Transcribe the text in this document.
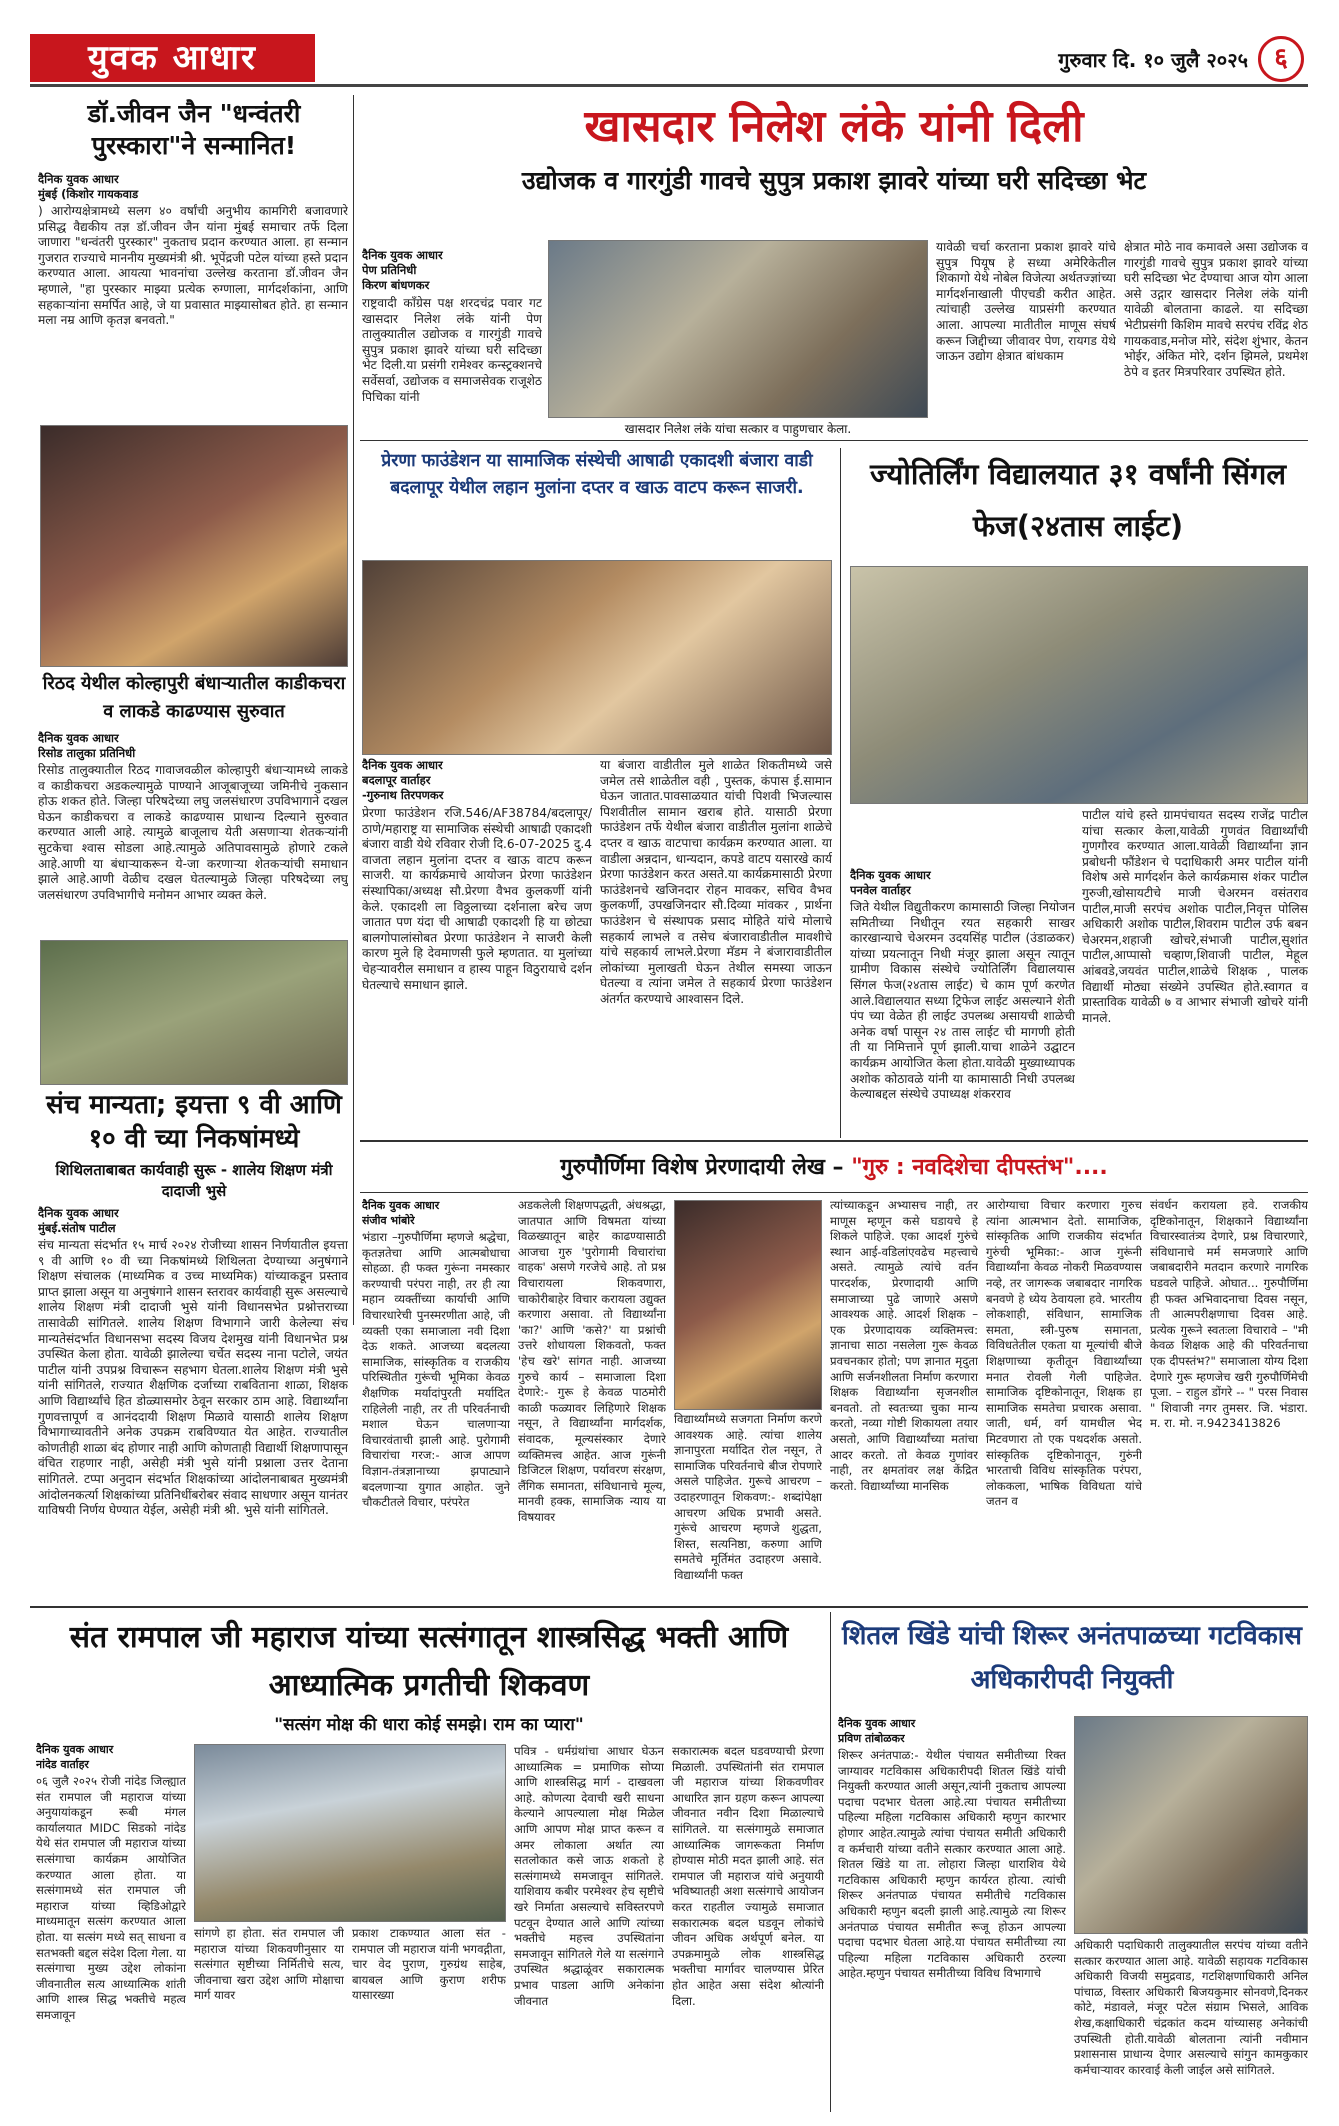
युवक आधार	गुरुवार दि. १० जुलै २०२५	६
डॉ.जीवन जैन "धन्वंतरी पुरस्कारा"ने सन्मानित!
दैनिक युवक आधार
मुंबई (किशोर गायकवाड
) आरोग्यक्षेत्रामध्ये सलग ४० वर्षांची अनुभीय कामगिरी बजावणारे प्रसिद्ध वैद्यकीय तज्ञ डॉ.जीवन जैन यांना मुंबई समाचार तर्फे दिला जाणारा "धन्वंतरी पुरस्कार" नुकताच प्रदान करण्यात आला. हा सन्मान गुजरात राज्याचे माननीय मुख्यमंत्री श्री. भूपेंद्रजी पटेल यांच्या हस्ते प्रदान करण्यात आला. आयत्या भावनांचा उल्लेख करताना डॉ.जीवन जैन म्हणाले, "हा पुरस्कार माझ्या प्रत्येक रुग्णाला, मार्गदर्शकांना, आणि सहकाऱ्यांना समर्पित आहे, जे या प्रवासात माझ्यासोबत होते. हा सन्मान मला नम्र आणि कृतज्ञ बनवतो."
रिठद येथील कोल्हापुरी बंधाऱ्यातील काडीकचरा व लाकडे काढण्यास सुरुवात
दैनिक युवक आधार
रिसोड तालुका प्रतिनिधी
रिसोड तालुक्यातील रिठद गावाजवळील कोल्हापुरी बंधाऱ्यामध्ये लाकडे व काडीकचरा अडकल्यामुळे पाण्याने आजूबाजूच्या जमिनीचे नुकसान होऊ शकत होते. जिल्हा परिषदेच्या लघु जलसंधारण उपविभागाने दखल घेऊन काडीकचरा व लाकडे काढण्यास प्राधान्य दिल्याने सुरुवात करण्यात आली आहे. त्यामुळे बाजूलाच येती असणाऱ्या शेतकऱ्यांनी सुटकेचा श्वास सोडला आहे.त्यामुळे अतिपावसामुळे होणारे टकले आहे.आणी या बंधाऱ्याकरून ये-जा करणाऱ्या शेतकऱ्यांची समाधान झाले आहे.आणी वेळीच दखल घेतल्यामुळे जिल्हा परिषदेच्या लघु जलसंधारण उपविभागीचे मनोमन आभार व्यक्त केले.
संच मान्यता; इयत्ता ९ वी आणि १० वी च्या निकषांमध्ये
शिथिलताबाबत कार्यवाही सुरू - शालेय शिक्षण मंत्री दादाजी भुसे
दैनिक युवक आधार
मुंबई.संतोष पाटील
संच मान्यता संदर्भात १५ मार्च २०२४ रोजीच्या शासन निर्णयातील इयत्ता ९ वी आणि १० वी च्या निकषांमध्ये शिथिलता देण्याच्या अनुषंगाने शिक्षण संचालक (माध्यमिक व उच्च माध्यमिक) यांच्याकडून प्रस्ताव प्राप्त झाला असून या अनुषंगाने शासन स्तरावर कार्यवाही सुरू असल्याचे शालेय शिक्षण मंत्री दादाजी भुसे यांनी विधानसभेत प्रश्नोत्तराच्या तासावेळी सांगितले. शालेय शिक्षण विभागाने जारी केलेल्या संच मान्यतेसंदर्भात विधानसभा सदस्य विजय देशमुख यांनी विधानभेत प्रश्न उपस्थित केला होता. यावेळी झालेल्या चर्चेत सदस्य नाना पटोले, जयंत पाटील यांनी उपप्रश्न विचारून सहभाग घेतला.शालेय शिक्षण मंत्री भुसे यांनी सांगितले, राज्यात शैक्षणिक दर्जाच्या राबविताना शाळा, शिक्षक आणि विद्यार्थ्यांचे हित डोळ्यासमोर ठेवून सरकार ठाम आहे. विद्यार्थ्यांना गुणवत्तापूर्ण व आनंददायी शिक्षण मिळावे यासाठी शालेय शिक्षण विभागाच्यावतीने अनेक उपक्रम राबविण्यात येत आहेत. राज्यातील कोणतीही शाळा बंद होणार नाही आणि कोणताही विद्यार्थी शिक्षणापासून वंचित राहणार नाही, असेही मंत्री भुसे यांनी प्रश्नाला उत्तर देताना सांगितले. टप्पा अनुदान संदर्भात शिक्षकांच्या आंदोलनाबाबत मुख्यमंत्री आंदोलनकर्त्या शिक्षकांच्या प्रतिनिधींबरोबर संवाद साधणार असून यानंतर याविषयी निर्णय घेण्यात येईल, असेही मंत्री श्री. भुसे यांनी सांगितले.
खासदार निलेश लंके यांनी दिली
उद्योजक व गारगुंडी गावचे सुपुत्र प्रकाश झावरे यांच्या घरी सदिच्छा भेट
दैनिक युवक आधार
पेण प्रतिनिधी
किरण बांधणकर
राष्ट्रवादी काँग्रेस पक्ष शरदचंद्र पवार गट खासदार निलेश लंके यांनी पेण तालुक्यातील उद्योजक व गारगुंडी गावचे सुपुत्र प्रकाश झावरे यांच्या घरी सदिच्छा भेट दिली.या प्रसंगी रामेश्वर कन्स्ट्रक्शनचे सर्वेसर्वा, उद्योजक व समाजसेवक राजूशेठ पिचिका यांनी
खासदार निलेश लंके यांचा सत्कार व पाहुणचार केला.
यावेळी चर्चा करताना प्रकाश झावरे यांचे सुपुत्र पियूष हे सध्या अमेरिकेतील शिकागो येथे नोबेल विजेत्या अर्थतज्ज्ञांच्या मार्गदर्शनाखाली पीएचडी करीत आहेत. त्यांचाही उल्लेख याप्रसंगी करण्यात आला. आपल्या मातीतील माणूस संघर्ष करून जिद्दीच्या जीवावर पेण, रायगड येथे जाऊन उद्योग क्षेत्रात बांधकाम
क्षेत्रात मोठे नाव कमावले असा उद्योजक व गारगुंडी गावचे सुपुत्र प्रकाश झावरे यांच्या घरी सदिच्छा भेट देण्याचा आज योग आला असे उद्गार खासदार निलेश लंके यांनी यावेळी बोलताना काढले. या सदिच्छा भेटीप्रसंगी किशिम मावचे सरपंच रविंद्र शेठ गायकवाड,मनोज मोरे, संदेश शुंभार, केतन भोईर, अंकित मोरे, दर्शन झिमले, प्रथमेश ठेपे व इतर मित्रपरिवार उपस्थित होते.
प्रेरणा फाउंडेशन या सामाजिक संस्थेची आषाढी एकादशी बंजारा वाडी बदलापूर येथील लहान मुलांना दप्तर व खाऊ वाटप करून साजरी.
दैनिक युवक आधार
बदलापूर वार्ताहर
-गुरुनाथ तिरपणकर
प्रेरणा फाउंडेशन रजि.546/AF38784/बदलापूर/ठाणे/महाराष्ट्र या सामाजिक संस्थेची आषाढी एकादशी बंजारा वाडी येथे रविवार रोजी दि.6-07-2025 दु.4 वाजता लहान मुलांना दप्तर व खाऊ वाटप करून साजरी. या कार्यक्रमाचे आयोजन प्रेरणा फाउंडेशन संस्थापिका/अध्यक्ष सौ.प्रेरणा वैभव कुलकर्णी यांनी केले. एकादशी ला विठ्ठलाच्या दर्शनाला बरेच जण जातात पण यंदा ची आषाढी एकादशी हि या छोट्या बालगोपालांसोबत प्रेरणा फाउंडेशन ने साजरी केली कारण मुले हि देवमाणसी फुले म्हणतात. या मुलांच्या चेहऱ्यावरील समाधान व हास्य पाहून विठुरायाचे दर्शन घेतल्याचे समाधान झाले.
या बंजारा वाडीतील मुले शाळेत शिकतीमध्ये जसे जमेल तसे शाळेतील वही , पुस्तक, कंपास ई.सामान घेऊन जातात.पावसाळयात यांची पिशवी भिजल्यास पिशवीतील सामान खराब होते. यासाठी प्रेरणा फाउंडेशन तर्फे येथील बंजारा वाडीतील मुलांना शाळेचे दप्तर व खाऊ वाटपाचा कार्यक्रम करण्यात आला. या वाडीला अन्नदान, धान्यदान, कपडे वाटप यसारखे कार्य प्रेरणा फाउंडेशन करत असते.या कार्यक्रमासाठी प्रेरणा फाउंडेशनचे खजिनदार रोहन मावकर, सचिव वैभव कुलकर्णी, उपखजिनदार सौ.दिव्या मांवकर , प्रार्थना फाउंडेशन चे संस्थापक प्रसाद मोहिते यांचे मोलाचे सहकार्य लाभले व तसेच बंजारावाडीतील मावशीचे यांचे सहकार्य लाभले.प्रेरणा मॅडम ने बंजारावाडीतील लोकांच्या मुलाखती घेऊन तेथील समस्या जाऊन घेतल्या व त्यांना जमेल ते सहकार्य प्रेरणा फाउंडेशन अंतर्गत करण्याचे आश्वासन दिले.
ज्योतिर्लिंग विद्यालयात ३१ वर्षांनी सिंगल फेज(२४तास लाईट)
दैनिक युवक आधार
पनवेल वार्ताहर
जिते येथील विद्युतीकरण कामासाठी जिल्हा नियोजन समितीच्या निधीतून रयत सहकारी साखर कारखान्याचे चेअरमन उदयसिंह पाटील (उंडाळकर) यांच्या प्रयत्नातून निधी मंजूर झाला असून त्यातून ग्रामीण विकास संस्थेचे ज्योतिर्लिंग विद्यालयास सिंगल फेज(२४तास लाईट) चे काम पूर्ण करणेत आले.विद्यालयात सध्या ट्रिफेज लाईट असल्याने शेती पंप च्या वेळेत ही लाईट उपलब्ध असायची शाळेची अनेक वर्षा पासून २४ तास लाईट ची मागणी होती ती या निमित्ताने पूर्ण झाली.याचा शाळेने उद्घाटन कार्यक्रम आयोजित केला होता.यावेळी मुख्याध्यापक अशोक कोठावळे यांनी या कामासाठी निधी उपलब्ध केल्याबद्दल संस्थेचे उपाध्यक्ष शंकरराव
पाटील यांचे हस्ते ग्रामपंचायत सदस्य राजेंद्र पाटील यांचा सत्कार केला,यावेळी गुणवंत विद्यार्थ्यांची गुणगौरव करण्यात आला.यावेळी विद्यार्थ्यांना ज्ञान प्रबोधनी फौंडेशन चे पदाधिकारी अमर पाटील यांनी विशेष असे मार्गदर्शन केले कार्यक्रमास शंकर पाटील गुरुजी,खोसायटीचे माजी चेअरमन वसंतराव पाटील,माजी सरपंच अशोक पाटील,निवृत्त पोलिस अधिकारी अशोक पाटील,शिवराम पाटील उर्फ बबन चेअरमन,शहाजी खोचरे,संभाजी पाटील,सुशांत पाटील,आप्पासो चव्हाण,शिवाजी पाटील, मेहूल आंबवडे,जयवंत पाटील,शाळेचे शिक्षक , पालक विद्यार्थी मोठ्या संख्येने उपस्थित होते.स्वागत व प्रास्ताविक यावेळी ७ व आभार संभाजी खोचरे यांनी मानले.
गुरुपौर्णिमा विशेष प्रेरणादायी लेख – "गुरु : नवदिशेचा दीपस्तंभ"....
दैनिक युवक आधार
संजीव भांबोरे
भंडारा –गुरुपौर्णिमा म्हणजे श्रद्धेचा, कृतज्ञतेचा आणि आत्मबोधाचा सोहळा. ही फक्त गुरूंना नमस्कार करण्याची परंपरा नाही, तर ही त्या महान व्यक्तींच्या कार्याची आणि विचारधारेची पुनस्मरणीता आहे, जी व्यक्ती एका समाजाला नवी दिशा देऊ शकते. आजच्या बदलत्या सामाजिक, सांस्कृतिक व राजकीय परिस्थितीत गुरूंची भूमिका केवळ शैक्षणिक मर्यादांपुरती मर्यादित राहिलेली नाही, तर ती परिवर्तनाची मशाल घेऊन चालणाऱ्या विचारवंताची झाली आहे. पुरोगामी विचारांचा गरज:- आज आपण विज्ञान-तंत्रज्ञानाच्या झपाट्याने बदलणाऱ्या युगात आहोत. जुने चौकटीतले विचार, परंपरेत
अडकलेली शिक्षणपद्धती, अंधश्रद्धा, जातपात आणि विषमता यांच्या विळख्यातून बाहेर काढण्यासाठी आजचा गुरु 'पुरोगामी विचारांचा वाहक' असणे गरजेचे आहे. तो प्रश्न विचारायला शिकवणारा, चाकोरीबाहेर विचार करायला उद्युक्त करणारा असावा. तो विद्यार्थ्यांना 'का?' आणि 'कसे?' या प्रश्नांची उत्तरे शोधायला शिकवतो, फक्त 'हेच खरे' सांगत नाही. आजच्या गुरुचे कार्य – समाजाला दिशा देणारे:- गुरू हे केवळ पाठमोरी काळी फळ्यावर लिहिणारे शिक्षक नसून, ते विद्यार्थ्यांना मार्गदर्शक, संवादक, मूल्यसंस्कार देणारे व्यक्तिमत्त्व आहेत. आज गुरूंनी डिजिटल शिक्षण, पर्यावरण संरक्षण, लैंगिक समानता, संविधानाचे मूल्य, मानवी हक्क, सामाजिक न्याय या विषयावर
विद्यार्थ्यांमध्ये सजगता निर्माण करणे आवश्यक आहे. त्यांचा शालेय ज्ञानापुरता मर्यादित रोल नसून, ते सामाजिक परिवर्तनाचे बीज रोपणारे असले पाहिजेत. गुरूचे आचरण – उदाहरणातून शिकवण:- शब्दांपेक्षा आचरण अधिक प्रभावी असते. गुरूंचे आचरण म्हणजे शुद्धता, शिस्त, सत्यनिष्ठा, करुणा आणि समतेचे मूर्तिमंत उदाहरण असावे. विद्यार्थ्यांनी फक्त
त्यांच्याकडून अभ्यासच नाही, तर माणूस म्हणून कसे घडायचे हे शिकले पाहिजे. एका आदर्श गुरुंचे स्थान आई-वडिलांएवढेच महत्त्वाचे असते. त्यामुळे त्यांचे वर्तन पारदर्शक, प्रेरणादायी आणि समाजाच्या पुढे जाणारे असणे आवश्यक आहे. आदर्श शिक्षक – एक प्रेरणादायक व्यक्तिमत्त्व: ज्ञानाचा साठा नसलेला गुरू केवळ प्रवचनकार होतो; पण ज्ञानात मृदुता आणि सर्जनशीलता निर्माण करणारा शिक्षक विद्यार्थ्यांना सृजनशील बनवतो. तो स्वतःच्या चुका मान्य करतो, नव्या गोष्टी शिकायला तयार असतो, आणि विद्यार्थ्यांच्या मतांचा आदर करतो. तो केवळ गुणांवर नाही, तर क्षमतांवर लक्ष केंद्रित करतो. विद्यार्थ्यांच्या मानसिक
आरोग्याचा विचार करणारा गुरुच त्यांना आत्मभान देतो. सामाजिक, सांस्कृतिक आणि राजकीय संदर्भात गुरुंची भूमिका:- आज गुरूंनी विद्यार्थ्यांना केवळ नोकरी मिळवण्यास नव्हे, तर जागरूक जबाबदार नागरिक बनवणे हे ध्येय ठेवायला हवे. भारतीय लोकशाही, संविधान, सामाजिक समता, स्त्री-पुरुष समानता, विविधतेतील एकता या मूल्यांची बीजे शिक्षणाच्या कृतीतून विद्यार्थ्यांच्या मनात रोवली गेली पाहिजेत. सामाजिक दृष्टिकोनातून, शिक्षक हा सामाजिक समतेचा प्रचारक असावा. जाती, धर्म, वर्ग यामधील भेद मिटवणारा तो एक पथदर्शक असतो. सांस्कृतिक दृष्टिकोनातून, गुरुंनी भारताची विविध सांस्कृतिक परंपरा, लोककला, भाषिक विविधता यांचे जतन व
संवर्धन करायला हवे. राजकीय दृष्टिकोनातून, शिक्षकाने विद्यार्थ्यांना विचारस्वातंत्र्य देणारे, प्रश्न विचारणारे, संविधानाचे मर्म समजणारे आणि जबाबदारीने मतदान करणारे नागरिक घडवले पाहिजे. ओघात... गुरुपौर्णिमा ही फक्त अभिवादनाचा दिवस नसून, ती आत्मपरीक्षणाचा दिवस आहे. प्रत्येक गुरूने स्वतःला विचारावे – "मी केवळ शिक्षक आहे की परिवर्तनाचा एक दीपस्तंभ?" समाजाला योग्य दिशा देणारे गुरू म्हणजेच खरी गुरुपौर्णिमेची पूजा. – राहुल डोंगरे -- " परस निवास " शिवाजी नगर तुमसर. जि. भंडारा. म. रा. मो. न.9423413826
संत रामपाल जी महाराज यांच्या सत्संगातून शास्त्रसिद्ध भक्ती आणि आध्यात्मिक प्रगतीची शिकवण
"सत्संग मोक्ष की धारा कोई समझे। राम का प्यारा"
दैनिक युवक आधार
नांदेड वार्ताहर
०६ जुलै २०२५ रोजी नांदेड जिल्ह्यात संत रामपाल जी महाराज यांच्या अनुयायांकडून रूबी मंगल कार्यालयात MIDC सिडको नांदेड येथे संत रामपाल जी महाराज यांच्या सत्संगाचा कार्यक्रम आयोजित करण्यात आला होता. या सत्संगामध्ये संत रामपाल जी महाराज यांच्या व्हिडिओद्वारे माध्यमातून सत्संग करण्यात आला होता. या सत्संग मध्ये सत् साधना व सतभक्ती बद्दल संदेश दिला गेला. या सत्संगाचा मुख्य उद्देश लोकांना जीवनातील सत्य आध्यात्मिक शांती आणि शास्त्र सिद्ध भक्तीचे महत्व समजावून
सांगणे हा होता. संत रामपाल जी महाराज यांच्या शिकवणीनुसार या सत्संगात सृष्टीच्या निर्मितीचे सत्य, जीवनाचा खरा उद्देश आणि मोक्षाचा मार्ग यावर
प्रकाश टाकण्यात आला संत - रामपाल जी महाराज यांनी भगवद्गीता, चार वेद पुराण, गुरुग्रंथ साहेब, बायबल आणि कुराण शरीफ यासारख्या
पवित्र - धर्मग्रंथांचा आधार घेऊन आध्यात्मिक = प्रमाणिक सोप्या आणि शास्त्रसिद्ध मार्ग - दाखवला आहे. कोणत्या देवाची खरी साधना केल्याने आपल्याला मोक्ष मिळेल आणि आपण मोक्ष प्राप्त करून व अमर लोकाला अर्थात त्या सतलोकात कसे जाऊ शकतो हे सत्संगामध्ये समजावून सांगितले. याशिवाय कबीर परमेश्वर हेच सृष्टीचे खरे निर्माता असल्याचे सविस्तरपणे पटवून देण्यात आले आणि त्यांच्या भक्तीचे महत्त्व उपस्थितांना समजावून सांगितले गेले या सत्संगाने उपस्थित श्रद्धाळूंवर सकारात्मक प्रभाव पाडला आणि अनेकांना जीवनात
सकारात्मक बदल घडवण्याची प्रेरणा मिळाली. उपस्थितांनी संत रामपाल जी महाराज यांच्या शिकवणीवर आधारित ज्ञान ग्रहण करून आपल्या जीवनात नवीन दिशा मिळाल्याचे सांगितले. या सत्संगामुळे समाजात आध्यात्मिक जागरूकता निर्माण होण्यास मोठी मदत झाली आहे. संत रामपाल जी महाराज यांचे अनुयायी भविष्यातही अशा सत्संगाचे आयोजन करत राहतील ज्यामुळे समाजात सकारात्मक बदल घडवून लोकांचे जीवन अधिक अर्थपूर्ण बनेल. या उपक्रमामुळे लोक शास्त्रसिद्ध भक्तीचा मार्गावर चालण्यास प्रेरित होत आहेत असा संदेश श्रोत्यांनी दिला.
शितल खिंडे यांची शिरूर अनंतपाळच्या गटविकास अधिकारीपदी नियुक्ती
दैनिक युवक आधार
प्रविण तांबोळकर
शिरूर अनंतपाळ:- येथील पंचायत समीतीच्या रिक्त जाग्यावर गटविकास अधिकारीपदी शितल खिंडे यांची नियुक्ती करण्यात आली असून,त्यांनी नुकताच आपल्या पदाचा पदभार घेतला आहे.त्या पंचायत समीतीच्या पहिल्या महिला गटविकास अधिकारी म्हणुन कारभार होणार आहेत.त्यामुळे त्यांचा पंचायत समीती अधिकारी व कर्मचारी यांच्या वतीने सत्कार करण्यात आला आहे. शितल खिंडे या ता. लोहारा जिल्हा धाराशिव येथे गटविकास अधिकारी म्हणुन कार्यरत होत्या. त्यांची शिरूर अनंतपाळ पंचायत समीतीचे गटविकास अधिकारी म्हणुन बदली झाली आहे.त्यामुळे त्या शिरूर अनंतपाळ पंचायत समीतीत रूजू होऊन आपल्या पदाचा पदभार घेतला आहे.या पंचायत समीतीच्या त्या पहिल्या महिला गटविकास अधिकारी ठरल्या आहेत.म्हणुन पंचायत समीतीच्या विविध विभागाचे
अधिकारी पदाधिकारी तालुक्यातील सरपंच यांच्या वतीने सत्कार करण्यात आला आहे. यावेळी सहायक गटविकास अधिकारी विजयी समुद्रवाड, गटशिक्षणाधिकारी अनिल पांचाळ, विस्तार अधिकारी बिजयकुमार सोनवणे,दिनकर कोटे, मंडावले, मंजूर पटेल संग्राम भिसले, आविक शेख,कक्षाधिकारी चंद्रकांत कदम यांच्यासह अनेकांची उपस्थिती होती.यावेळी बोलताना त्यांनी नवीमान प्रशासनास प्राधान्य देणार असल्याचे सांगुन कामकुकार कर्मचाऱ्यावर कारवाई केली जाईल असे सांगितले.
